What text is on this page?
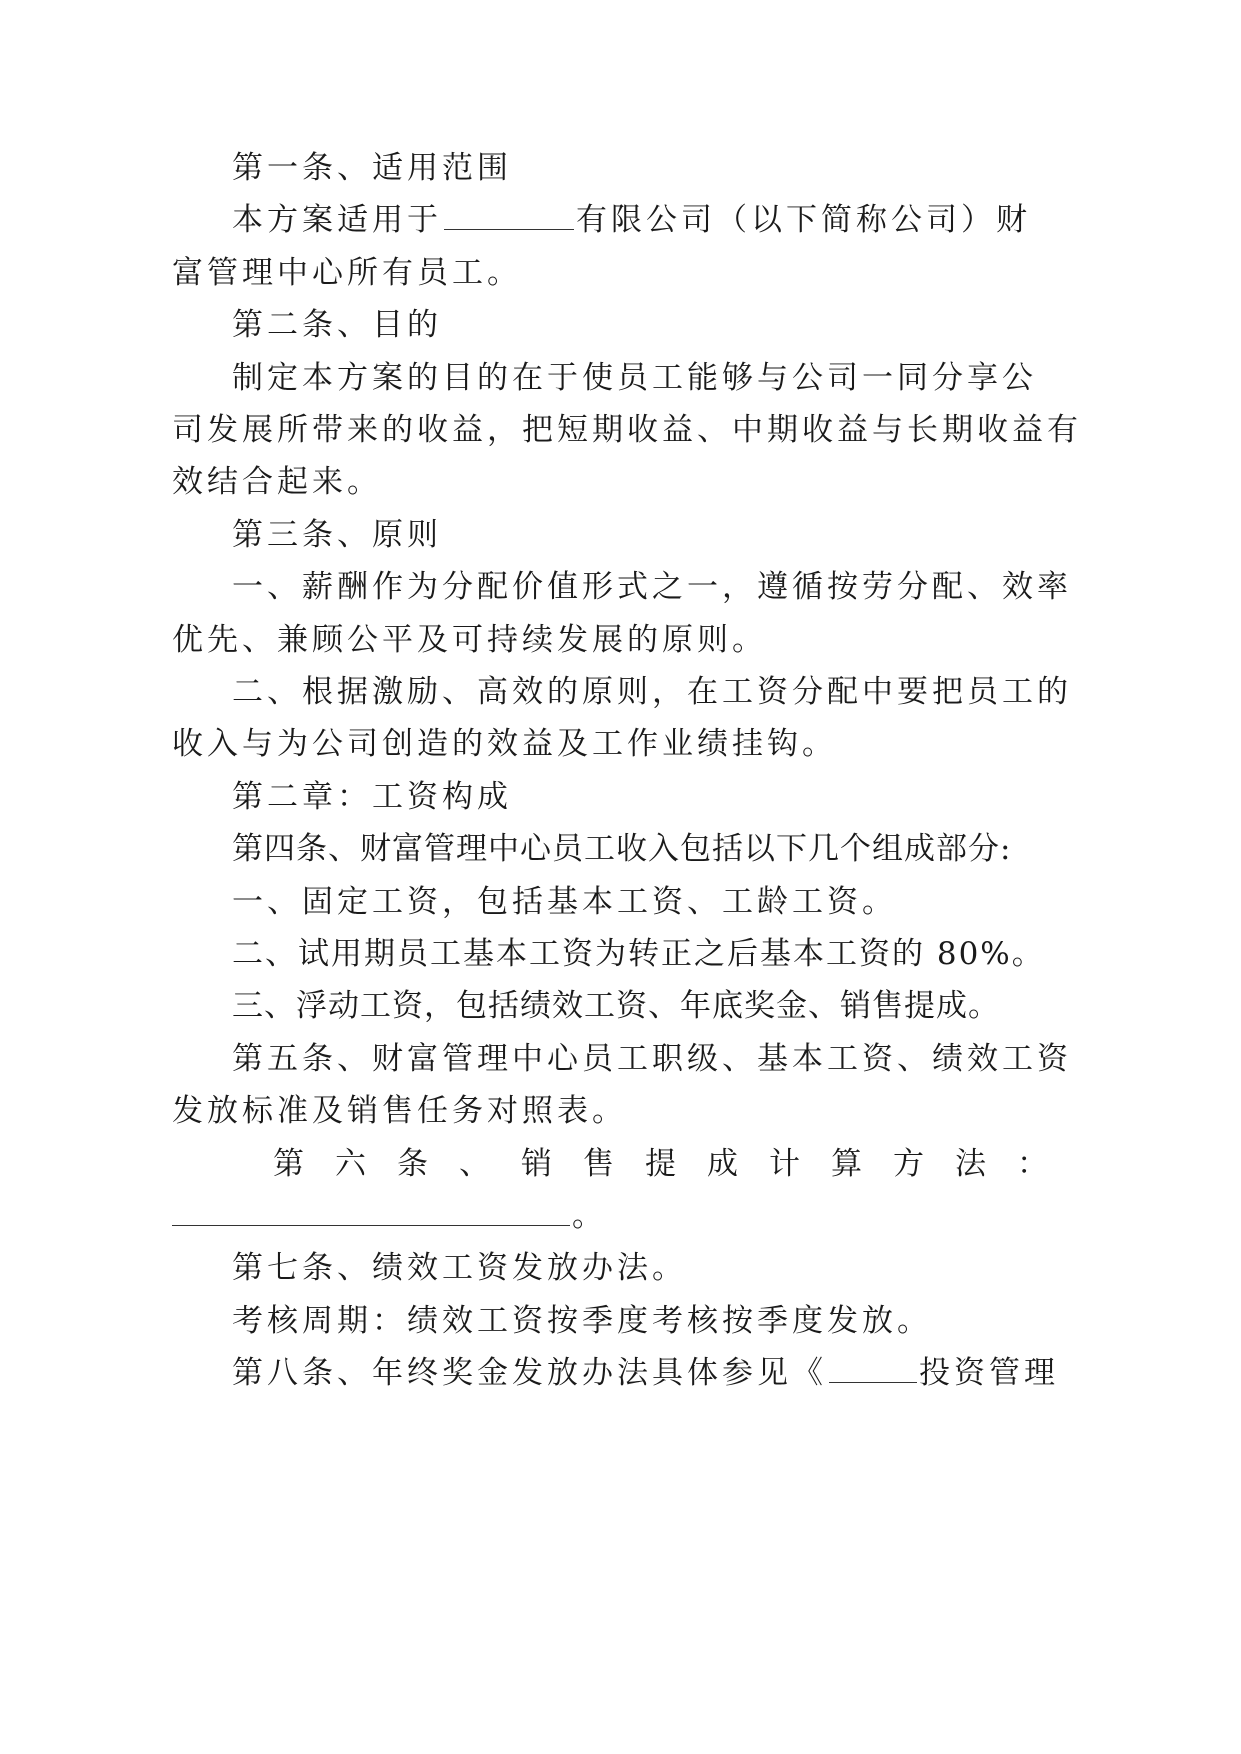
第一条、适用范围
本方案适用于	有限公司（以下简称公司）财
富管理中心所有员工。
第二条、目的
制定本方案的目的在于使员工能够与公司一同分享公
司发展所带来的收益，把短期收益、中期收益与长期收益有
效结合起来。
第三条、原则
一、薪酬作为分配价值形式之一，遵循按劳分配、效率
优先、兼顾公平及可持续发展的原则。
二、根据激励、高效的原则，在工资分配中要把员工的
收入与为公司创造的效益及工作业绩挂钩。
第二章：工资构成
第四条、财富管理中心员工收入包括以下几个组成部分:
一、固定工资，包括基本工资、工龄工资。
二、试用期员工基本工资为转正之后基本工资的 80%。
三、浮动工资，包括绩效工资、年底奖金、销售提成。
第五条、财富管理中心员工职级、基本工资、绩效工资
发放标准及销售任务对照表。
第六条、销售提成计算方法：
。
第七条、绩效工资发放办法。
考核周期：绩效工资按季度考核按季度发放。
第八条、年终奖金发放办法具体参见《	投资管理
